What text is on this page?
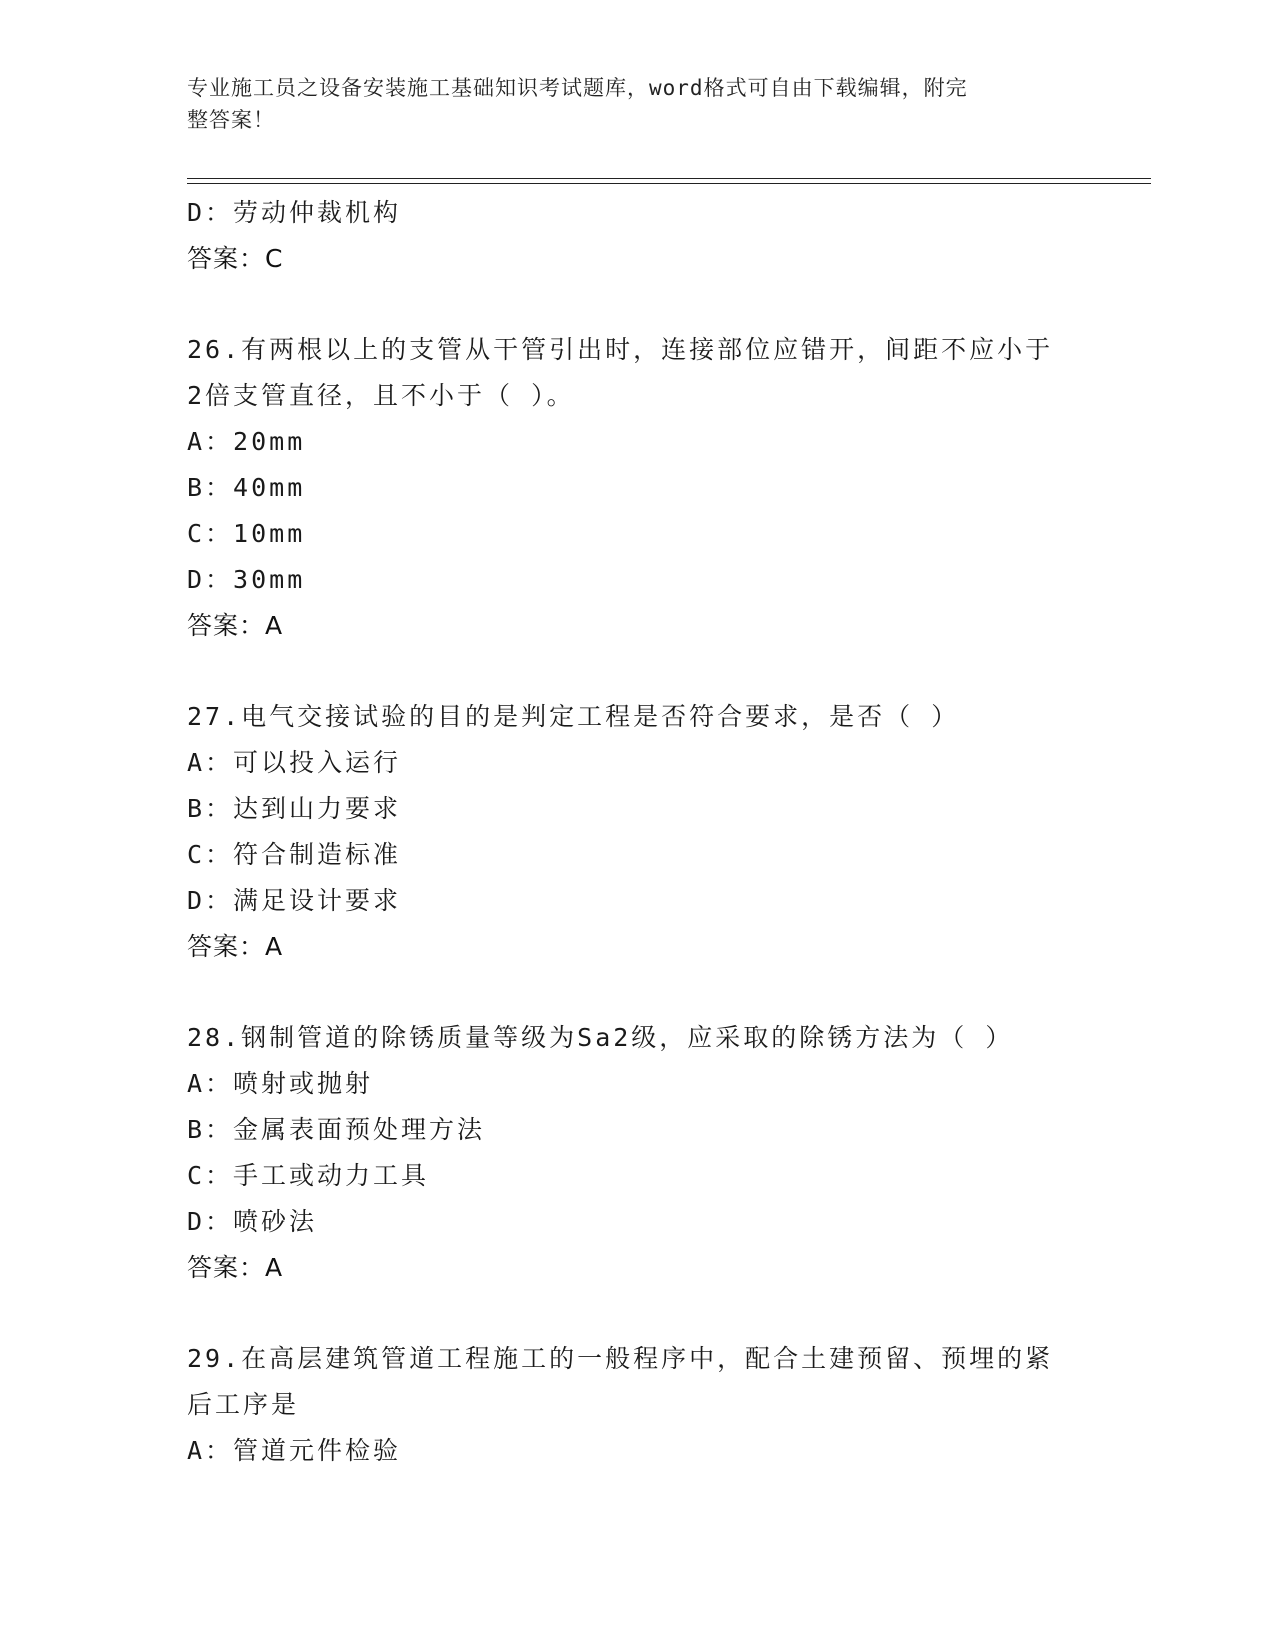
专业施工员之设备安装施工基础知识考试题库，word格式可自由下载编辑，附完
整答案！
D：劳动仲裁机构
答案：C
26.有两根以上的支管从干管引出时，连接部位应错开，间距不应小于
2倍支管直径，且不小于（ ）。
A：20mm
B：40mm
C：10mm
D：30mm
答案：A
27.电气交接试验的目的是判定工程是否符合要求，是否（ ）
A：可以投入运行
B：达到山力要求
C：符合制造标准
D：满足设计要求
答案：A
28.钢制管道的除锈质量等级为Sa2级，应采取的除锈方法为（ ）
A：喷射或抛射
B：金属表面预处理方法
C：手工或动力工具
D：喷砂法
答案：A
29.在高层建筑管道工程施工的一般程序中，配合土建预留、预埋的紧
后工序是
A：管道元件检验
